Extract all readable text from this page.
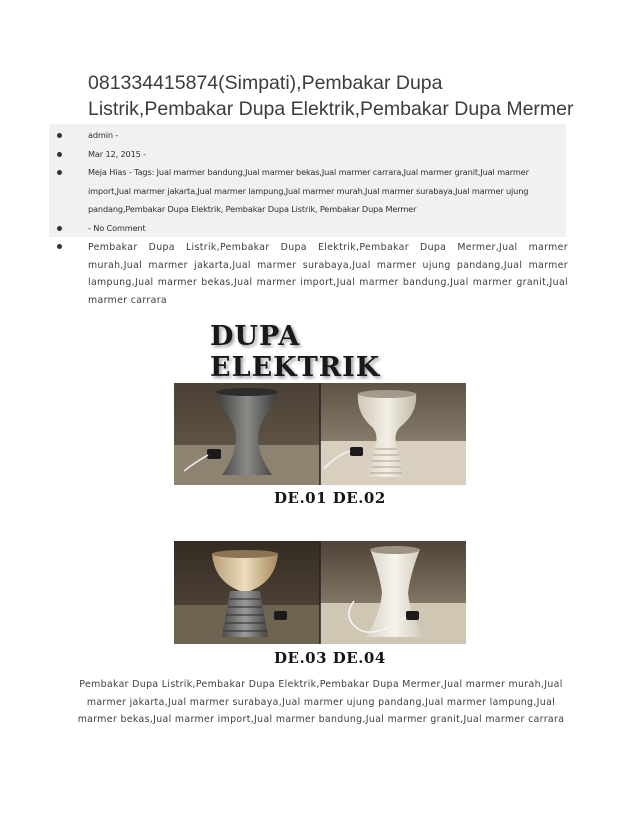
081334415874(Simpati),Pembakar Dupa Listrik,Pembakar Dupa Elektrik,Pembakar Dupa Mermer
admin -
Mar 12, 2015 -
Meja Hias - Tags: Jual marmer bandung,Jual marmer bekas,Jual marmer carrara,Jual marmer granit,Jual marmer import,Jual marmer jakarta,Jual marmer lampung,Jual marmer murah,Jual marmer surabaya,Jual marmer ujung pandang,Pembakar Dupa Elektrik, Pembakar Dupa Listrik, Pembakar Dupa Mermer
- No Comment

Pembakar Dupa Listrik,Pembakar Dupa Elektrik,Pembakar Dupa Mermer,Jual marmer murah,Jual marmer jakarta,Jual marmer surabaya,Jual marmer ujung pandang,Jual marmer lampung,Jual marmer bekas,Jual marmer import,Jual marmer bandung,Jual marmer granit,Jual marmer carrara

DUPA ELEKTRIK
DE.01 DE.02
DE.03 DE.04

Pembakar Dupa Listrik,Pembakar Dupa Elektrik,Pembakar Dupa Mermer,Jual marmer murah,Jual marmer jakarta,Jual marmer surabaya,Jual marmer ujung pandang,Jual marmer lampung,Jual marmer bekas,Jual marmer import,Jual marmer bandung,Jual marmer granit,Jual marmer carrara
